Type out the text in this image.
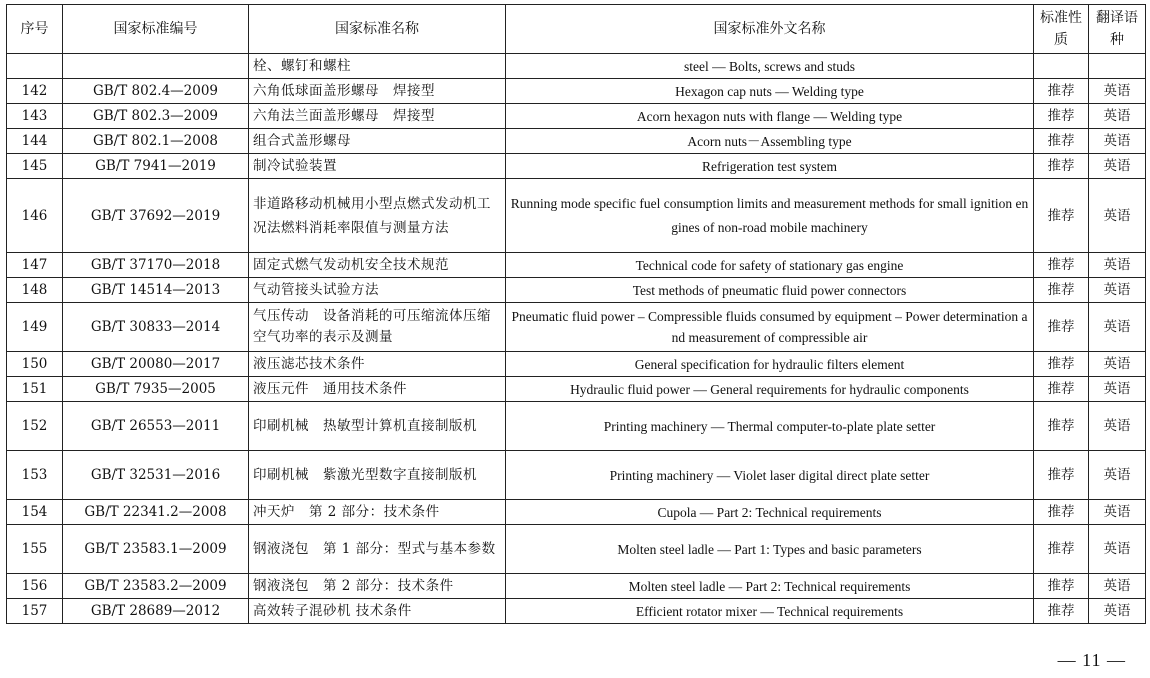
序号	国家标准编号	国家标准名称	国家标准外文名称	标准性质	翻译语种
		栓、螺钉和螺柱	steel — Bolts, screws and studs		
142	GB/T 802.4—2009	六角低球面盖形螺母　焊接型	Hexagon cap nuts — Welding type	推荐	英语
143	GB/T 802.3—2009	六角法兰面盖形螺母　焊接型	Acorn hexagon nuts with flange — Welding type	推荐	英语
144	GB/T 802.1—2008	组合式盖形螺母	Acorn nuts－Assembling type	推荐	英语
145	GB/T 7941—2019	制冷试验装置	Refrigeration test system	推荐	英语
146	GB/T 37692—2019	非道路移动机械用小型点燃式发动机工况法燃料消耗率限值与测量方法	Running mode specific fuel consumption limits and measurement methods for small ignition engines of non-road mobile machinery	推荐	英语
147	GB/T 37170—2018	固定式燃气发动机安全技术规范	Technical code for safety of stationary gas engine	推荐	英语
148	GB/T 14514—2013	气动管接头试验方法	Test methods of pneumatic fluid power connectors	推荐	英语
149	GB/T 30833—2014	气压传动　设备消耗的可压缩流体压缩空气功率的表示及测量	Pneumatic fluid power – Compressible fluids consumed by equipment – Power determination and measurement of compressible air	推荐	英语
150	GB/T 20080—2017	液压滤芯技术条件	General specification for hydraulic filters element	推荐	英语
151	GB/T 7935—2005	液压元件　通用技术条件	Hydraulic fluid power — General requirements for hydraulic components	推荐	英语
152	GB/T 26553—2011	印刷机械　热敏型计算机直接制版机	Printing machinery — Thermal computer-to-plate plate setter	推荐	英语
153	GB/T 32531—2016	印刷机械　紫激光型数字直接制版机	Printing machinery — Violet laser digital direct plate setter	推荐	英语
154	GB/T 22341.2—2008	冲天炉　第 2 部分：技术条件	Cupola — Part 2: Technical requirements	推荐	英语
155	GB/T 23583.1—2009	钢液浇包　第 1 部分：型式与基本参数	Molten steel ladle — Part 1: Types and basic parameters	推荐	英语
156	GB/T 23583.2—2009	钢液浇包　第 2 部分：技术条件	Molten steel ladle — Part 2: Technical requirements	推荐	英语
157	GB/T 28689—2012	高效转子混砂机 技术条件	Efficient rotator mixer — Technical requirements	推荐	英语
— 11 —
